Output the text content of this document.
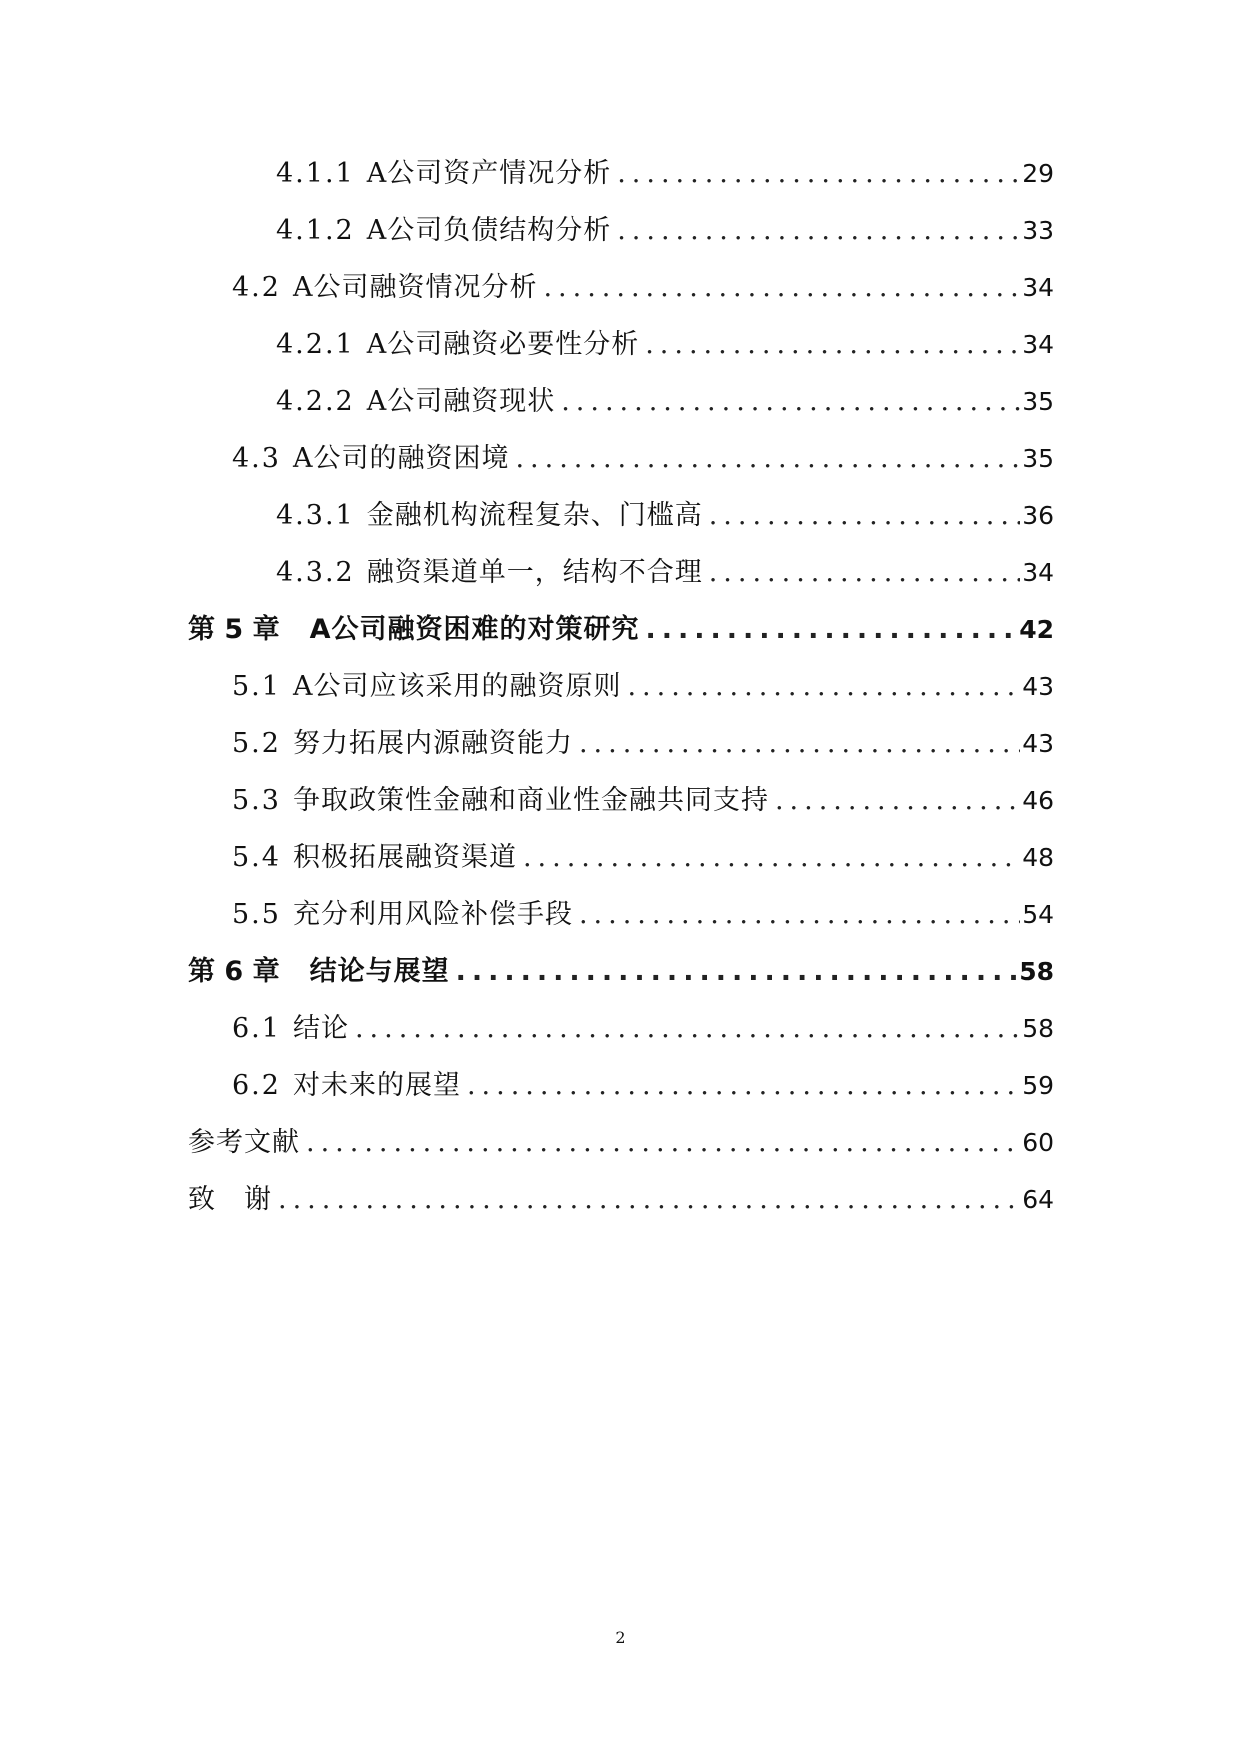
4.1.1 A公司资产情况分析 .....	29
4.1.2 A公司负债结构分析 .....	33
4.2 A公司融资情况分析 .....	34
4.2.1 A公司融资必要性分析 .....	34
4.2.2 A公司融资现状 .....	35
4.3 A公司的融资困境 .....	35
4.3.1 金融机构流程复杂、门槛高 .....	36
4.3.2 融资渠道单一，结构不合理 .....	34
第 5 章 A公司融资困难的对策研究 .....	42
5.1 A公司应该采用的融资原则 .....	43
5.2 努力拓展内源融资能力 .....	43
5.3 争取政策性金融和商业性金融共同支持 .....	46
5.4 积极拓展融资渠道 .....	48
5.5 充分利用风险补偿手段 .....	54
第 6 章 结论与展望 .....	58
6.1 结论 .....	58
6.2 对未来的展望 .....	59
参考文献 .....	60
致　谢 .....	64
2
